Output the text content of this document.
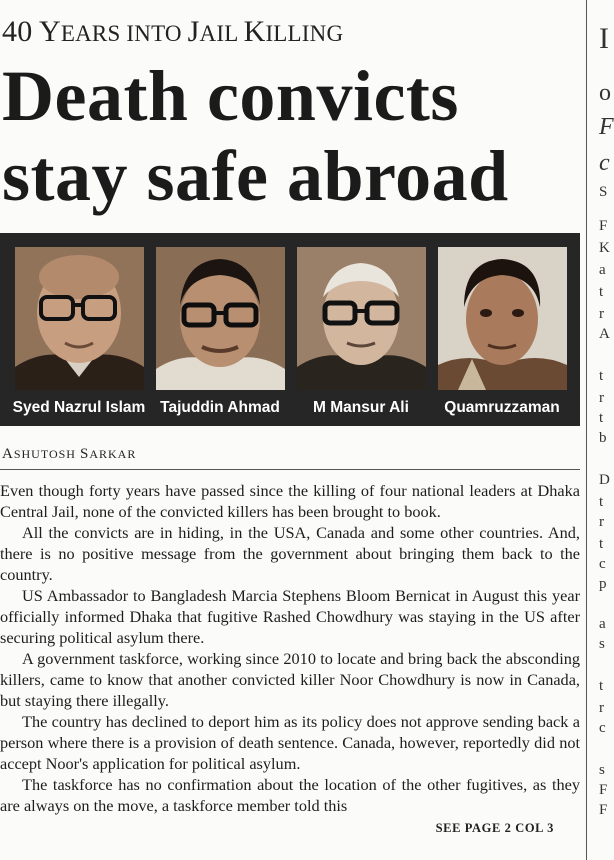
40 YEARS INTO JAIL KILLING
Death convicts
stay safe abroad
Syed Nazrul Islam Tajuddin Ahmad	M Mansur Ali	Quamruzzaman
ASHUTOSH SARKAR

Even though forty years have passed since the killing of four national leaders at Dhaka Central Jail, none of the convicted killers has been brought to book.

All the convicts are in hiding, in the USA, Canada and some other countries. And, there is no positive message from the government about bringing them back to the country.

US Ambassador to Bangladesh Marcia Stephens Bloom Bernicat in August this year officially informed Dhaka that fugitive Rashed Chowdhury was staying in the US after securing political asylum there.

A government taskforce, working since 2010 to locate and bring back the absconding killers, came to know that another convicted killer Noor Chowdhury is now in Canada, but staying there illegally.

The country has declined to deport him as its policy does not approve sending back a person where there is a provision of death sentence. Canada, however, reportedly did not accept Noor's application for political asylum.

The taskforce has no confirmation about the location of the other fugitives, as they are always on the move, a taskforce member told this

SEE PAGE 2 COL 3
I
o
F
c
S
F
K
a
t
r
A
t
r
t
b
D
t
r
t
c
p
a
s
t
r
c
s
F
F
